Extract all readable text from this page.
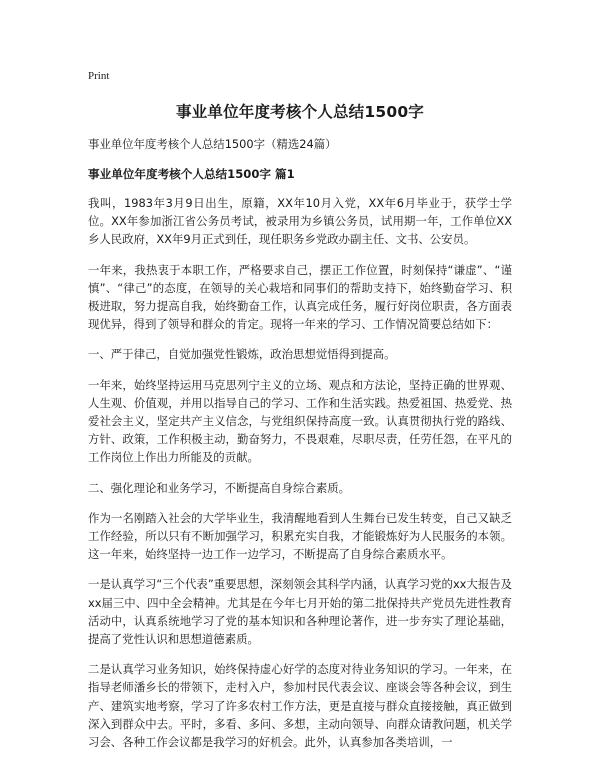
Print
事业单位年度考核个人总结1500字

事业单位年度考核个人总结1500字（精选24篇）

事业单位年度考核个人总结1500字 篇1

我叫，1983年3月9日出生，原籍，XX年10月入党，XX年6月毕业于，获学士学位。XX年参加浙江省公务员考试，被录用为乡镇公务员，试用期一年，工作单位XX乡人民政府，XX年9月正式到任，现任职务乡党政办副主任、文书、公安员。

一年来，我热衷于本职工作，严格要求自己，摆正工作位置，时刻保持“谦虚”、“谨慎”、“律己”的态度，在领导的关心栽培和同事们的帮助支持下，始终勤奋学习、积极进取，努力提高自我，始终勤奋工作，认真完成任务，履行好岗位职责，各方面表现优异，得到了领导和群众的肯定。现将一年来的学习、工作情况简要总结如下：

一、严于律己，自觉加强党性锻炼，政治思想觉悟得到提高。

一年来，始终坚持运用马克思列宁主义的立场、观点和方法论，坚持正确的世界观、人生观、价值观，并用以指导自己的学习、工作和生活实践。热爱祖国、热爱党、热爱社会主义，坚定共产主义信念，与党组织保持高度一致。认真贯彻执行党的路线、方针、政策，工作积极主动，勤奋努力，不畏艰难，尽职尽责，任劳任怨，在平凡的工作岗位上作出力所能及的贡献。

二、强化理论和业务学习，不断提高自身综合素质。

作为一名刚踏入社会的大学毕业生，我清醒地看到人生舞台已发生转变，自己又缺乏工作经验，所以只有不断加强学习，积累充实自我，才能锻炼好为人民服务的本领。这一年来，始终坚持一边工作一边学习，不断提高了自身综合素质水平。

一是认真学习“三个代表”重要思想，深刻领会其科学内涵，认真学习党的xx大报告及xx届三中、四中全会精神。尤其是在今年七月开始的第二批保持共产党员先进性教育活动中，认真系统地学习了党的基本知识和各种理论著作，进一步夯实了理论基础，提高了党性认识和思想道德素质。

二是认真学习业务知识，始终保持虚心好学的态度对待业务知识的学习。一年来，在指导老师潘乡长的带领下，走村入户，参加村民代表会议、座谈会等各种会议，到生产、建筑实地考察，学习了许多农村工作方法，更是直接与群众直接接触，真正做到深入到群众中去。平时，多看、多问、多想，主动向领导、向群众请教问题，机关学习会、各种工作会议都是我学习的好机会。此外，认真参加各类培训，一
